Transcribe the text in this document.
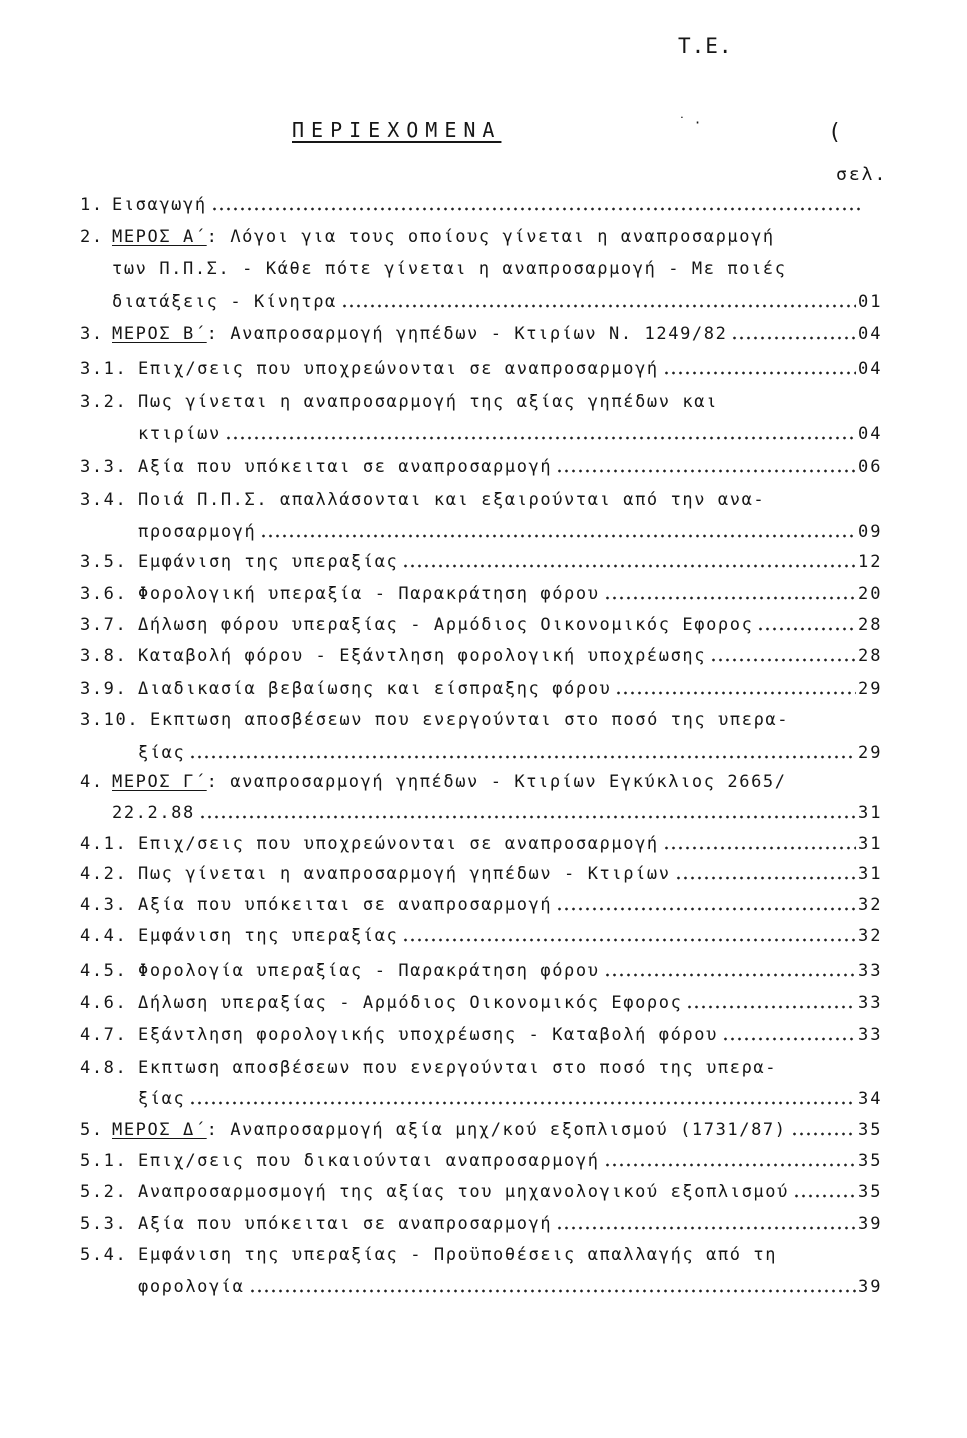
Τ.Ε.
ΠΕΡΙΕΧΟΜΕΝΑ	˙ ·	(
σελ.
1. Εισαγωγή
2. ΜΕΡΟΣ Α΄ : Λόγοι για τους οποίους γίνεται η αναπροσαρμογή
των Π.Π.Σ. - Κάθε πότε γίνεται η αναπροσαρμογή - Με ποιές
διατάξεις - Κίνητρα	01
3. ΜΕΡΟΣ Β΄ : Αναπροσαρμογή γηπέδων - Κτιρίων Ν. 1249/82	04
3.1. Επιχ/σεις που υποχρεώνονται σε αναπροσαρμογή	04
3.2. Πως γίνεται η αναπροσαρμογή της αξίας γηπέδων και
κτιρίων	04
3.3. Αξία που υπόκειται σε αναπροσαρμογή	06
3.4. Ποιά Π.Π.Σ. απαλλάσονται και εξαιρούνται από την ανα-
προσαρμογή	09
3.5. Εμφάνιση της υπεραξίας	12
3.6. Φορολογική υπεραξία - Παρακράτηση φόρου	20
3.7. Δήλωση φόρου υπεραξίας - Αρμόδιος Οικονομικός Εφορος	28
3.8. Καταβολή φόρου - Εξάντληση φορολογική υποχρέωσης	28
3.9. Διαδικασία βεβαίωσης και είσπραξης φόρου	29
3.10. Εκπτωση αποσβέσεων που ενεργούνται στο ποσό της υπερα-
ξίας	29
4. ΜΕΡΟΣ Γ΄ : αναπροσαρμογή γηπέδων - Κτιρίων Εγκύκλιος 2665/
22.2.88	31
4.1. Επιχ/σεις που υποχρεώνονται σε αναπροσαρμογή	31
4.2. Πως γίνεται η αναπροσαρμογή γηπέδων - Κτιρίων	31
4.3. Αξία που υπόκειται σε αναπροσαρμογή	32
4.4. Εμφάνιση της υπεραξίας	32
4.5. Φορολογία υπεραξίας - Παρακράτηση φόρου	33
4.6. Δήλωση υπεραξίας - Αρμόδιος Οικονομικός Εφορος	33
4.7. Εξάντληση φορολογικής υποχρέωσης - Καταβολή φόρου	33
4.8. Εκπτωση αποσβέσεων που ενεργούνται στο ποσό της υπερα-
ξίας	34
5. ΜΕΡΟΣ Δ΄ : Αναπροσαρμογή αξία μηχ/κού εξοπλισμού (1731/87)	35
5.1. Επιχ/σεις που δικαιούνται αναπροσαρμογή	35
5.2. Αναπροσαρμοσμογή της αξίας του μηχανολογικού εξοπλισμού	35
5.3. Αξία που υπόκειται σε αναπροσαρμογή	39
5.4. Εμφάνιση της υπεραξίας - Προϋποθέσεις απαλλαγής από τη
φορολογία	39
